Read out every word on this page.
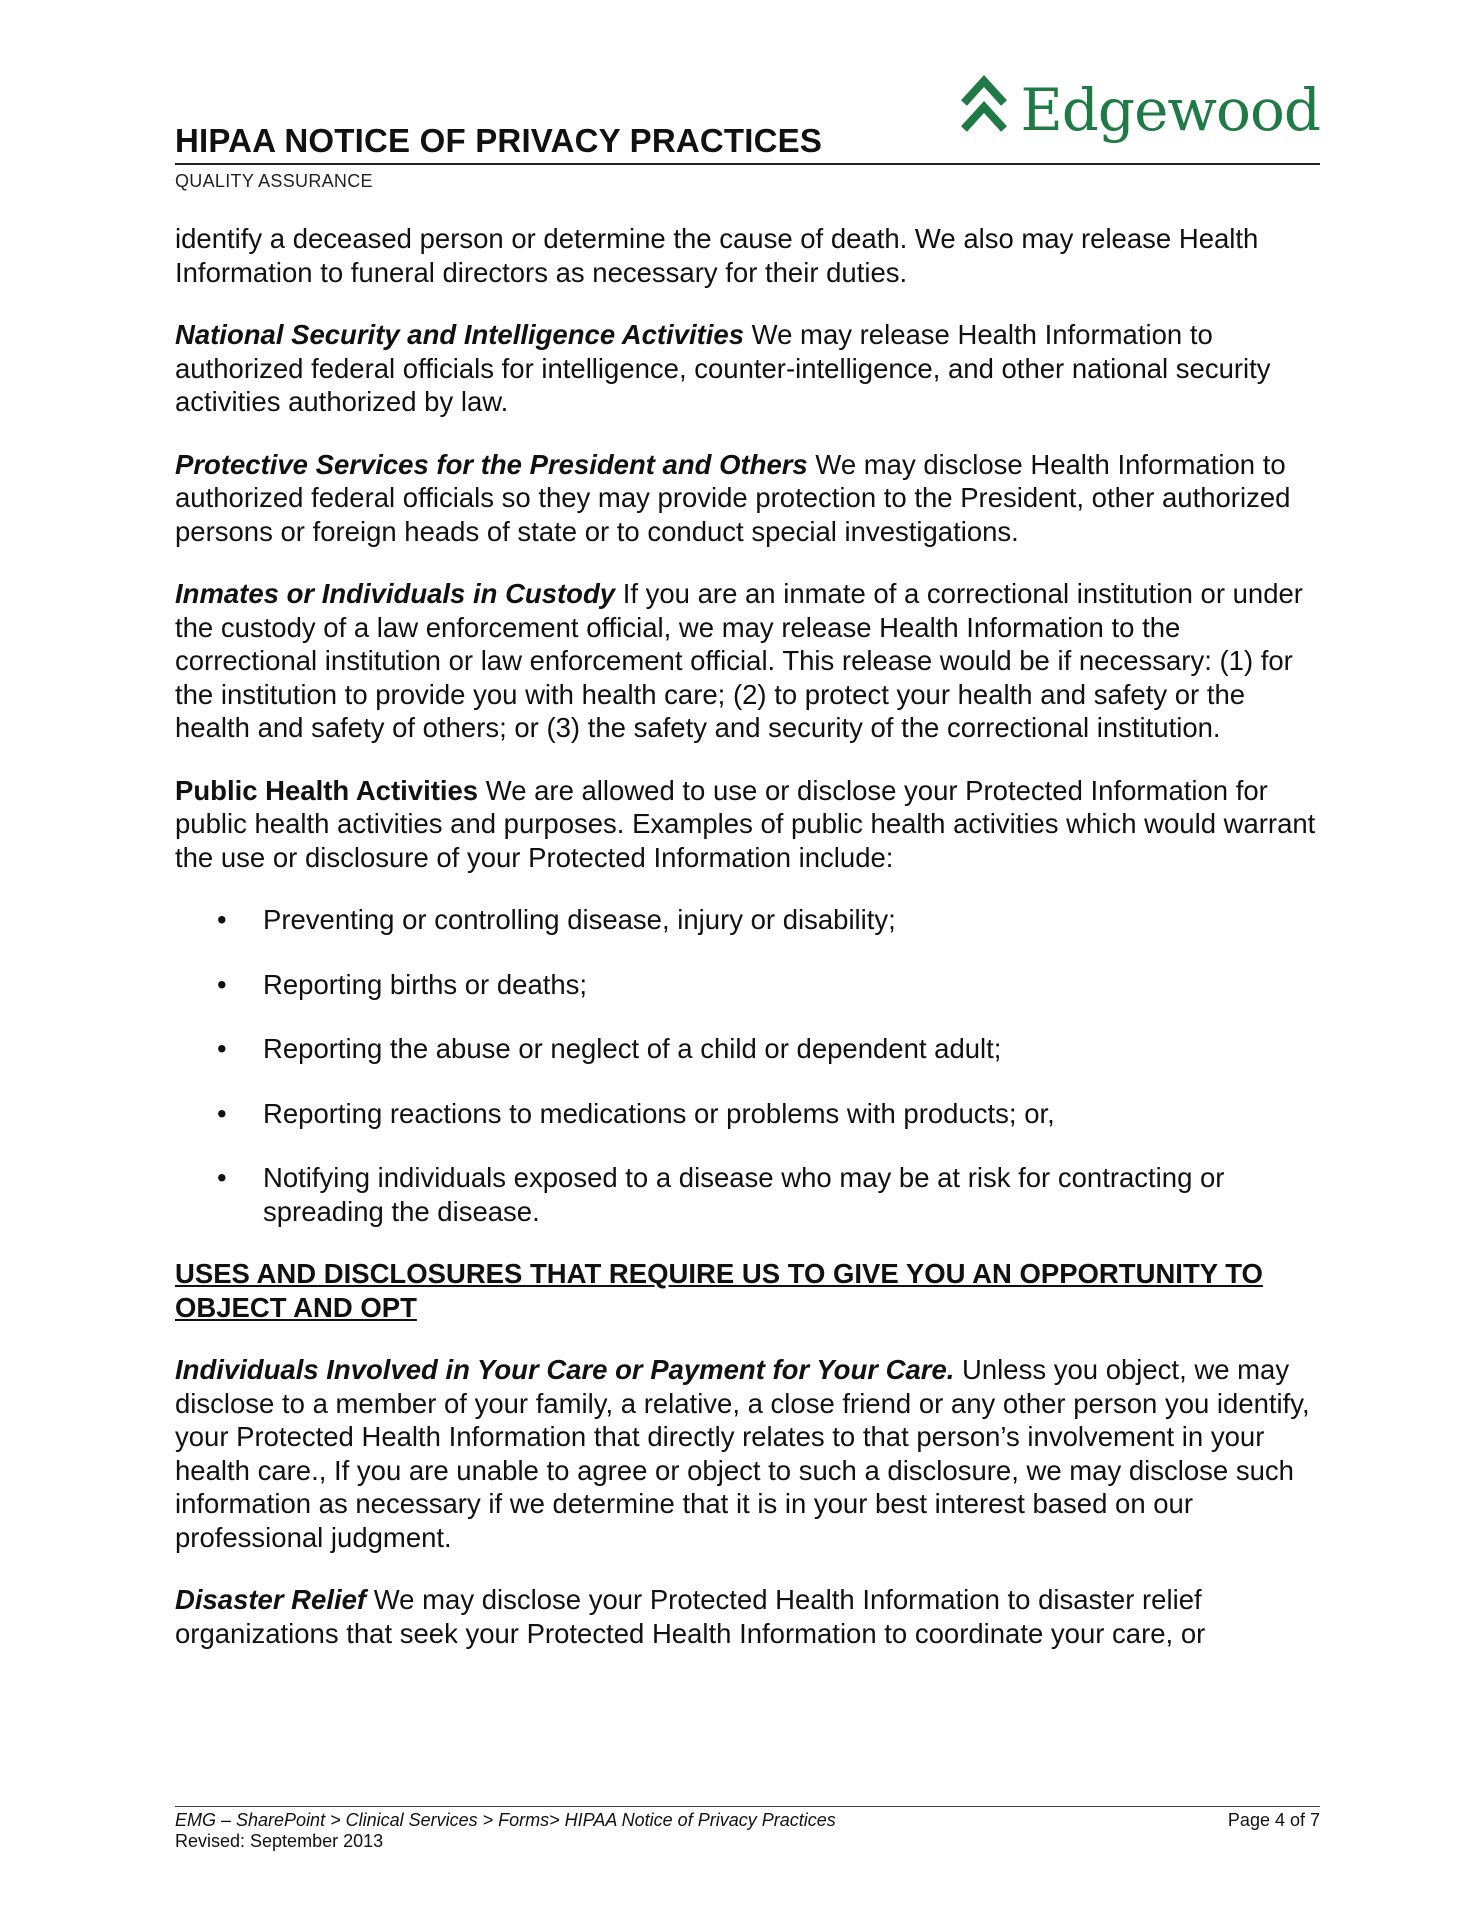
HIPAA NOTICE OF PRIVACY PRACTICES	Edgewood
QUALITY ASSURANCE

identify a deceased person or determine the cause of death. We also may release Health Information to funeral directors as necessary for their duties.

National Security and Intelligence Activities We may release Health Information to authorized federal officials for intelligence, counter-intelligence, and other national security activities authorized by law.

Protective Services for the President and Others We may disclose Health Information to authorized federal officials so they may provide protection to the President, other authorized persons or foreign heads of state or to conduct special investigations.

Inmates or Individuals in Custody If you are an inmate of a correctional institution or under the custody of a law enforcement official, we may release Health Information to the correctional institution or law enforcement official. This release would be if necessary: (1) for the institution to provide you with health care; (2) to protect your health and safety or the health and safety of others; or (3) the safety and security of the correctional institution.

Public Health Activities We are allowed to use or disclose your Protected Information for public health activities and purposes. Examples of public health activities which would warrant the use or disclosure of your Protected Information include:

• Preventing or controlling disease, injury or disability;
• Reporting births or deaths;
• Reporting the abuse or neglect of a child or dependent adult;
• Reporting reactions to medications or problems with products; or,
• Notifying individuals exposed to a disease who may be at risk for contracting or spreading the disease.
USES AND DISCLOSURES THAT REQUIRE US TO GIVE YOU AN OPPORTUNITY TO OBJECT AND OPT

Individuals Involved in Your Care or Payment for Your Care. Unless you object, we may disclose to a member of your family, a relative, a close friend or any other person you identify, your Protected Health Information that directly relates to that person’s involvement in your health care., If you are unable to agree or object to such a disclosure, we may disclose such information as necessary if we determine that it is in your best interest based on our professional judgment.

Disaster Relief We may disclose your Protected Health Information to disaster relief organizations that seek your Protected Health Information to coordinate your care, or

EMG – SharePoint > Clinical Services > Forms> HIPAA Notice of Privacy Practices
Revised: September 2013
Page 4 of 7
